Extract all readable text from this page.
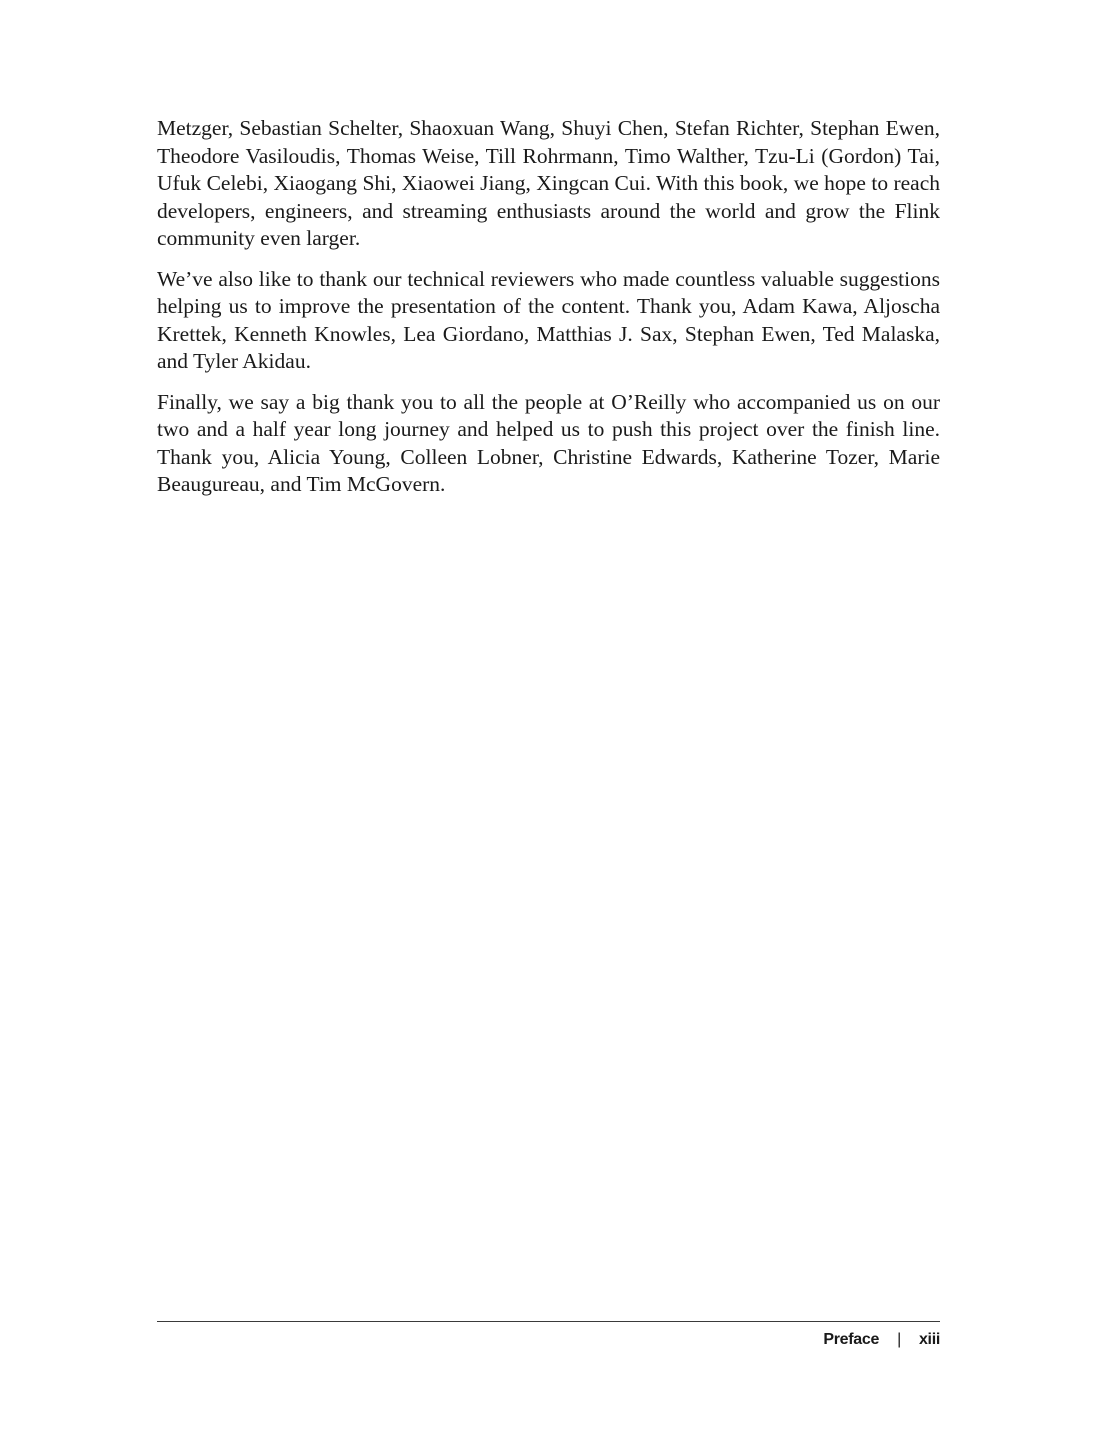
Metzger, Sebastian Schelter, Shaoxuan Wang, Shuyi Chen, Stefan Richter, Stephan Ewen, Theodore Vasiloudis, Thomas Weise, Till Rohrmann, Timo Walther, Tzu-Li (Gordon) Tai, Ufuk Celebi, Xiaogang Shi, Xiaowei Jiang, Xingcan Cui. With this book, we hope to reach developers, engineers, and streaming enthusiasts around the world and grow the Flink community even larger.

We’ve also like to thank our technical reviewers who made countless valuable suggestions helping us to improve the presentation of the content. Thank you, Adam Kawa, Aljoscha Krettek, Kenneth Knowles, Lea Giordano, Matthias J. Sax, Stephan Ewen, Ted Malaska, and Tyler Akidau.

Finally, we say a big thank you to all the people at O’Reilly who accompanied us on our two and a half year long journey and helped us to push this project over the finish line. Thank you, Alicia Young, Colleen Lobner, Christine Edwards, Katherine Tozer, Marie Beaugureau, and Tim McGovern.

Preface | xiii
